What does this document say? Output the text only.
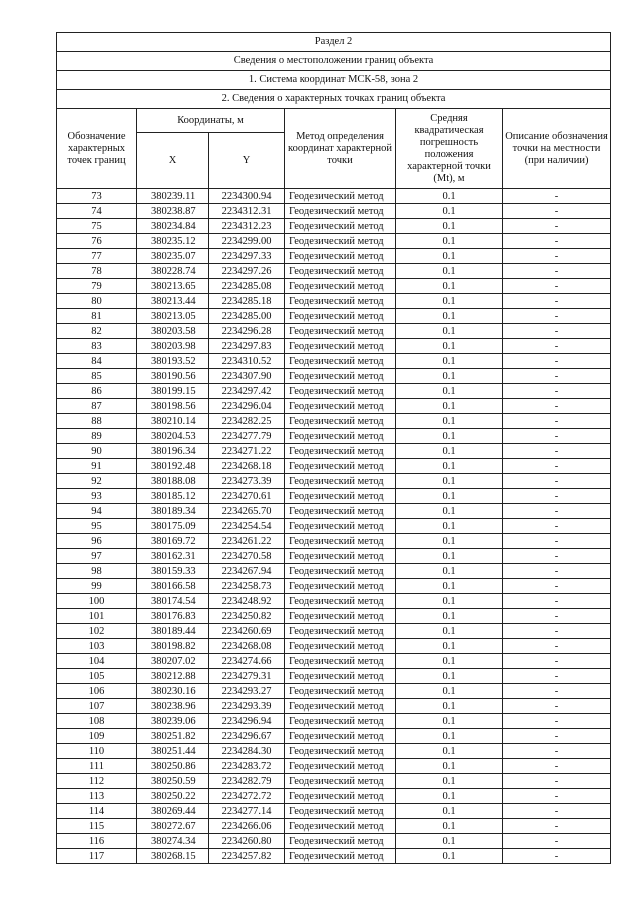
Раздел 2					
Сведения о местоположении границ объекта					
1. Система координат МСК-58, зона 2					
2. Сведения о характерных точках границ объекта					
Обозначение характерных точек границ	Координаты, м		Метод определения координат характерной точки	Средняя квадратическая погрешность положения характерной точки (Mt), м	Описание обозначения точки на местности (при наличии)
	X	Y			
73	380239.11	2234300.94	Геодезический метод	0.1	-
74	380238.87	2234312.31	Геодезический метод	0.1	-
75	380234.84	2234312.23	Геодезический метод	0.1	-
76	380235.12	2234299.00	Геодезический метод	0.1	-
77	380235.07	2234297.33	Геодезический метод	0.1	-
78	380228.74	2234297.26	Геодезический метод	0.1	-
79	380213.65	2234285.08	Геодезический метод	0.1	-
80	380213.44	2234285.18	Геодезический метод	0.1	-
81	380213.05	2234285.00	Геодезический метод	0.1	-
82	380203.58	2234296.28	Геодезический метод	0.1	-
83	380203.98	2234297.83	Геодезический метод	0.1	-
84	380193.52	2234310.52	Геодезический метод	0.1	-
85	380190.56	2234307.90	Геодезический метод	0.1	-
86	380199.15	2234297.42	Геодезический метод	0.1	-
87	380198.56	2234296.04	Геодезический метод	0.1	-
88	380210.14	2234282.25	Геодезический метод	0.1	-
89	380204.53	2234277.79	Геодезический метод	0.1	-
90	380196.34	2234271.22	Геодезический метод	0.1	-
91	380192.48	2234268.18	Геодезический метод	0.1	-
92	380188.08	2234273.39	Геодезический метод	0.1	-
93	380185.12	2234270.61	Геодезический метод	0.1	-
94	380189.34	2234265.70	Геодезический метод	0.1	-
95	380175.09	2234254.54	Геодезический метод	0.1	-
96	380169.72	2234261.22	Геодезический метод	0.1	-
97	380162.31	2234270.58	Геодезический метод	0.1	-
98	380159.33	2234267.94	Геодезический метод	0.1	-
99	380166.58	2234258.73	Геодезический метод	0.1	-
100	380174.54	2234248.92	Геодезический метод	0.1	-
101	380176.83	2234250.82	Геодезический метод	0.1	-
102	380189.44	2234260.69	Геодезический метод	0.1	-
103	380198.82	2234268.08	Геодезический метод	0.1	-
104	380207.02	2234274.66	Геодезический метод	0.1	-
105	380212.88	2234279.31	Геодезический метод	0.1	-
106	380230.16	2234293.27	Геодезический метод	0.1	-
107	380238.96	2234293.39	Геодезический метод	0.1	-
108	380239.06	2234296.94	Геодезический метод	0.1	-
109	380251.82	2234296.67	Геодезический метод	0.1	-
110	380251.44	2234284.30	Геодезический метод	0.1	-
111	380250.86	2234283.72	Геодезический метод	0.1	-
112	380250.59	2234282.79	Геодезический метод	0.1	-
113	380250.22	2234272.72	Геодезический метод	0.1	-
114	380269.44	2234277.14	Геодезический метод	0.1	-
115	380272.67	2234266.06	Геодезический метод	0.1	-
116	380274.34	2234260.80	Геодезический метод	0.1	-
117	380268.15	2234257.82	Геодезический метод	0.1	-
